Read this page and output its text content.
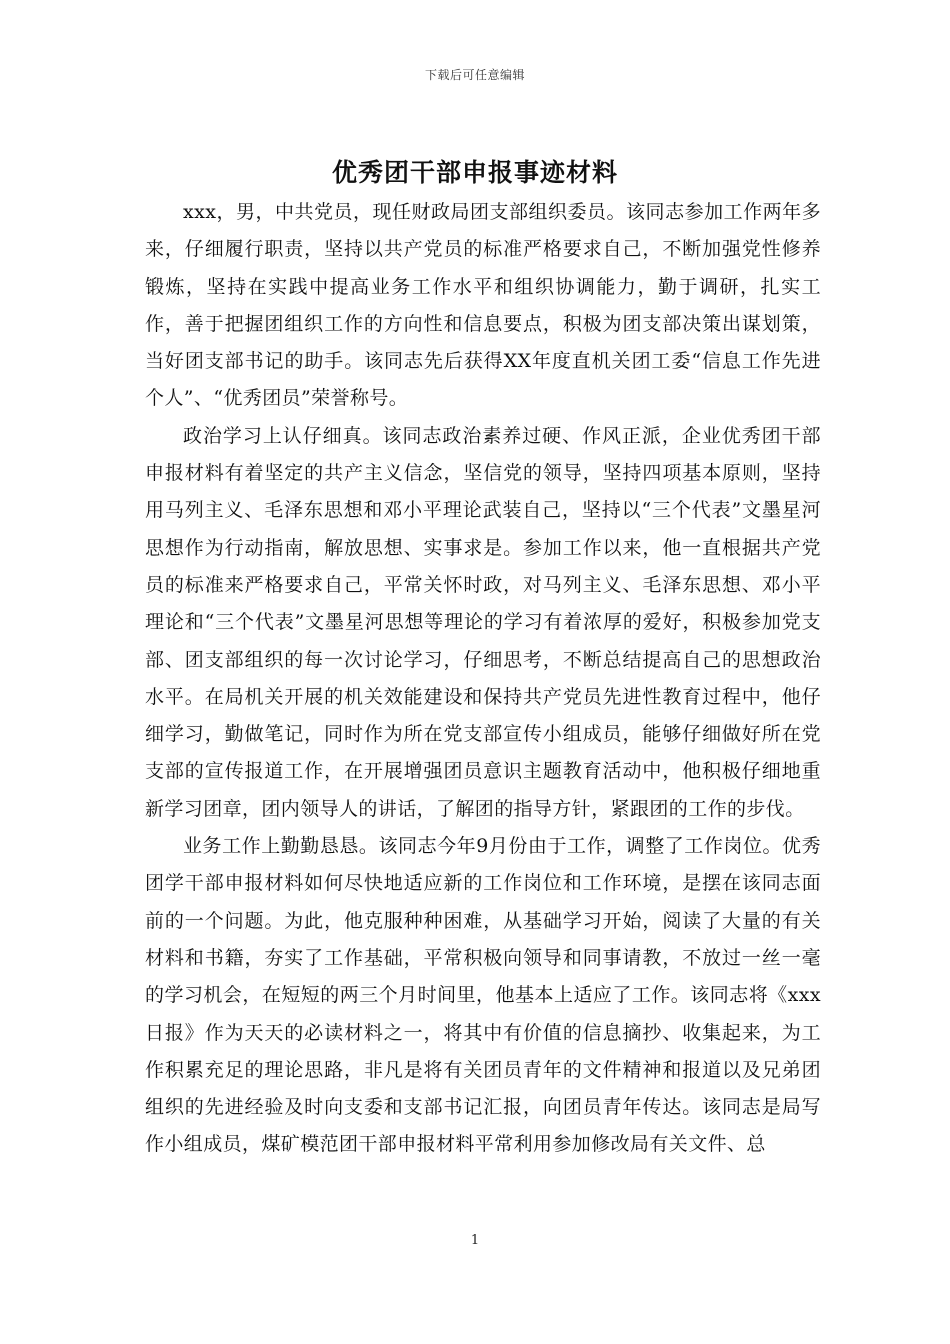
下载后可任意编辑
优秀团干部申报事迹材料

xxx，男，中共党员，现任财政局团支部组织委员。该同志参加工作两年多来，仔细履行职责，坚持以共产党员的标准严格要求自己，不断加强党性修养锻炼，坚持在实践中提高业务工作水平和组织协调能力，勤于调研，扎实工作，善于把握团组织工作的方向性和信息要点，积极为团支部决策出谋划策，当好团支部书记的助手。该同志先后获得XX年度直机关团工委“信息工作先进个人”、“优秀团员”荣誉称号。

政治学习上认仔细真。该同志政治素养过硬、作风正派，企业优秀团干部申报材料有着坚定的共产主义信念，坚信党的领导，坚持四项基本原则，坚持用马列主义、毛泽东思想和邓小平理论武装自己，坚持以“三个代表”文墨星河思想作为行动指南，解放思想、实事求是。参加工作以来，他一直根据共产党员的标准来严格要求自己，平常关怀时政，对马列主义、毛泽东思想、邓小平理论和“三个代表”文墨星河思想等理论的学习有着浓厚的爱好，积极参加党支部、团支部组织的每一次讨论学习，仔细思考，不断总结提高自己的思想政治水平。在局机关开展的机关效能建设和保持共产党员先进性教育过程中，他仔细学习，勤做笔记，同时作为所在党支部宣传小组成员，能够仔细做好所在党支部的宣传报道工作，在开展增强团员意识主题教育活动中，他积极仔细地重新学习团章，团内领导人的讲话，了解团的指导方针，紧跟团的工作的步伐。

业务工作上勤勤恳恳。该同志今年9月份由于工作，调整了工作岗位。优秀团学干部申报材料如何尽快地适应新的工作岗位和工作环境，是摆在该同志面前的一个问题。为此，他克服种种困难，从基础学习开始，阅读了大量的有关材料和书籍，夯实了工作基础，平常积极向领导和同事请教，不放过一丝一毫的学习机会，在短短的两三个月时间里，他基本上适应了工作。该同志将《xxx日报》作为天天的必读材料之一，将其中有价值的信息摘抄、收集起来，为工作积累充足的理论思路，非凡是将有关团员青年的文件精神和报道以及兄弟团组织的先进经验及时向支委和支部书记汇报，向团员青年传达。该同志是局写作小组成员，煤矿模范团干部申报材料平常利用参加修改局有关文件、总

1
